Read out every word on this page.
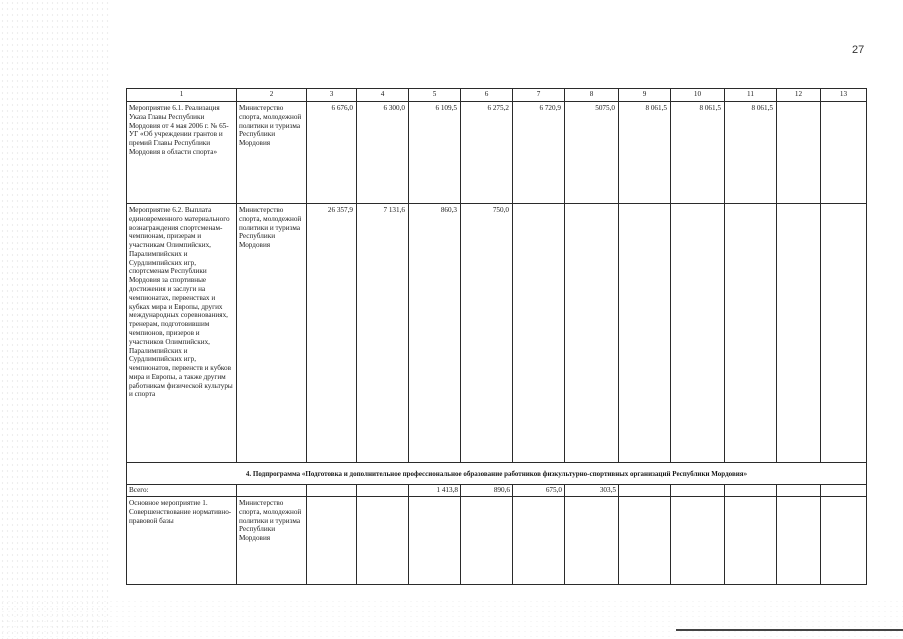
27
1	2	3	4	5	6	7	8	9	10	11	12	13
Мероприятие 6.1. Реализация Указа Главы Республики Мордовия от 4 мая 2006 г. № 65-УГ «Об учреждении грантов и премий Главы Республики Мордовия в области спорта»	Министерство спорта, молодежной политики и туризма Республики Мордовия	6 676,0	6 300,0	6 109,5	6 275,2	6 720,9	5075,0	8 061,5	8 061,5	8 061,5		
Мероприятие 6.2. Выплата единовременного материального вознаграждения спортсменам-чемпионам, призерам и участникам Олимпийских, Паралимпийских и Сурдлимпийских игр, спортсменам Республики Мордовия за спортивные достижения и заслуги на чемпионатах, первенствах и кубках мира и Европы, других международных соревнованиях, тренерам, подготовившим чемпионов, призеров и участников Олимпийских, Паралимпийских и Сурдлимпийских игр, чемпионатов, первенств и кубков мира и Европы, а также другим работникам физической культуры и спорта	Министерство спорта, молодежной политики и туризма Республики Мордовия	26 357,9	7 131,6	860,3	750,0							
4. Подпрограмма «Подготовка и дополнительное профессиональное образование работников физкультурно-спортивных организаций Республики Мордовия»												
Всего:				1 413,8	890,6	675,0	303,5					
Основное мероприятие 1. Совершенствование нормативно-правовой базы	Министерство спорта, молодежной политики и туризма Республики Мордовия											
